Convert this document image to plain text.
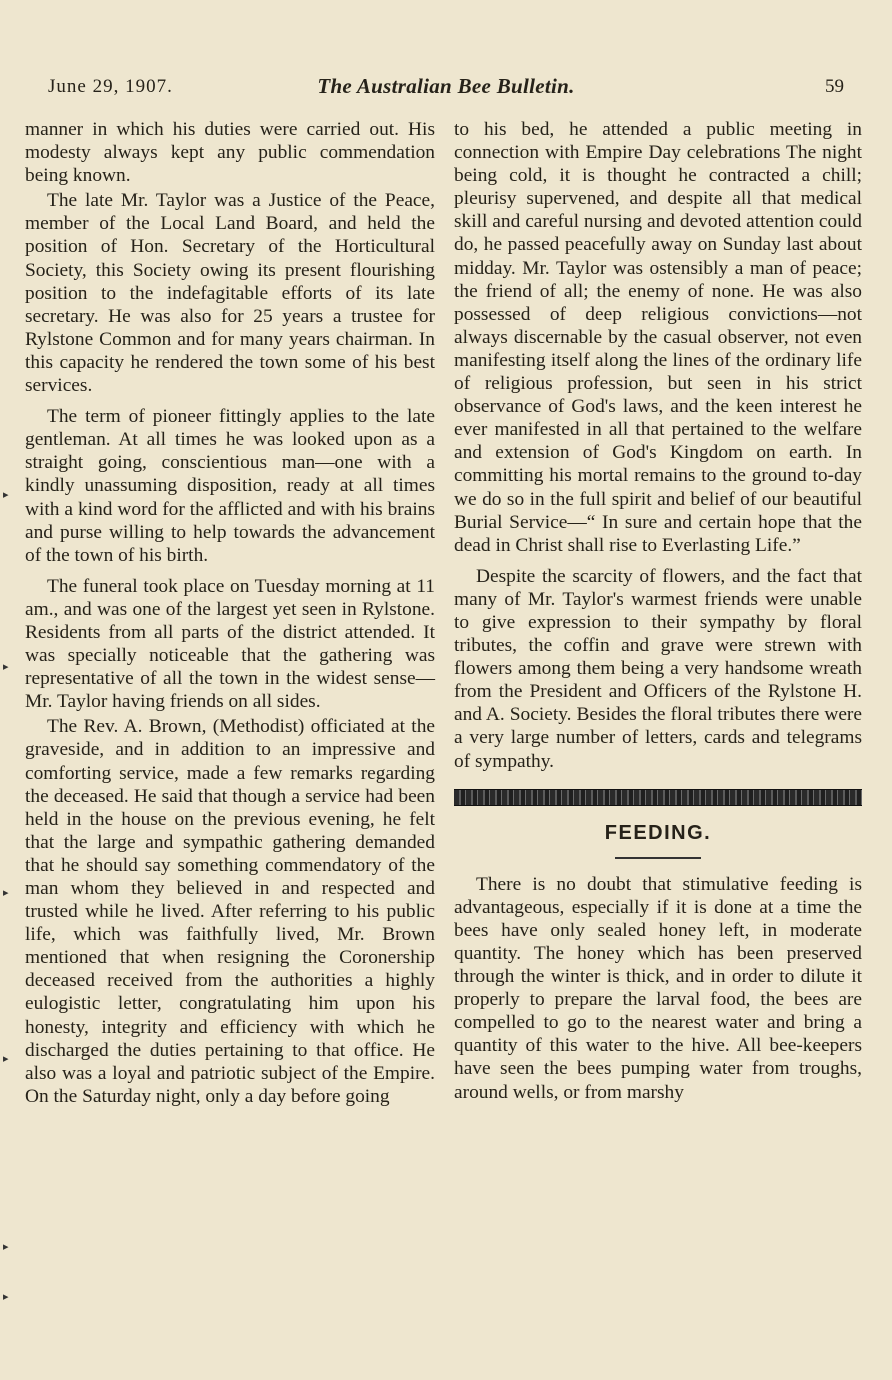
June 29, 1907.	The Australian Bee Bulletin.	59

manner in which his duties were carried out. His modesty always kept any public commendation being known.

The late Mr. Taylor was a Justice of the Peace, member of the Local Land Board, and held the position of Hon. Secretary of the Horticultural Society, this Society owing its present flourishing position to the indefagitable efforts of its late secretary. He was also for 25 years a trustee for Rylstone Common and for many years chairman. In this capacity he rendered the town some of his best services.

The term of pioneer fittingly applies to the late gentleman. At all times he was looked upon as a straight going, conscientious man—one with a kindly unassuming disposition, ready at all times with a kind word for the afflicted and with his brains and purse willing to help towards the advancement of the town of his birth.

The funeral took place on Tuesday morning at 11 am., and was one of the largest yet seen in Rylstone. Residents from all parts of the district attended. It was specially noticeable that the gathering was representative of all the town in the widest sense—Mr. Taylor having friends on all sides.

The Rev. A. Brown, (Methodist) officiated at the graveside, and in addition to an impressive and comforting service, made a few remarks regarding the deceased. He said that though a service had been held in the house on the previous evening, he felt that the large and sympathic gathering demanded that he should say something commendatory of the man whom they believed in and respected and trusted while he lived. After referring to his public life, which was faithfully lived, Mr. Brown mentioned that when resigning the Coronership deceased received from the authorities a highly eulogistic letter, congratulating him upon his honesty, integrity and efficiency with which he discharged the duties pertaining to that office. He also was a loyal and patriotic subject of the Empire. On the Saturday night, only a day before going

to his bed, he attended a public meeting in connection with Empire Day celebrations The night being cold, it is thought he contracted a chill; pleurisy supervened, and despite all that medical skill and careful nursing and devoted attention could do, he passed peacefully away on Sunday last about midday. Mr. Taylor was ostensibly a man of peace; the friend of all; the enemy of none. He was also possessed of deep religious convictions—not always discernable by the casual observer, not even manifesting itself along the lines of the ordinary life of religious profession, but seen in his strict observance of God's laws, and the keen interest he ever manifested in all that pertained to the welfare and extension of God's Kingdom on earth. In committing his mortal remains to the ground to-day we do so in the full spirit and belief of our beautiful Burial Service—“ In sure and certain hope that the dead in Christ shall rise to Everlasting Life.”

Despite the scarcity of flowers, and the fact that many of Mr. Taylor's warmest friends were unable to give expression to their sympathy by floral tributes, the coffin and grave were strewn with flowers among them being a very handsome wreath from the President and Officers of the Rylstone H. and A. Society. Besides the floral tributes there were a very large number of letters, cards and telegrams of sympathy.

FEEDING.

There is no doubt that stimulative feeding is advantageous, especially if it is done at a time the bees have only sealed honey left, in moderate quantity. The honey which has been preserved through the winter is thick, and in order to dilute it properly to prepare the larval food, the bees are compelled to go to the nearest water and bring a quantity of this water to the hive. All bee-keepers have seen the bees pumping water from troughs, around wells, or from marshy

▸
▸
▸
▸
▸
▸
